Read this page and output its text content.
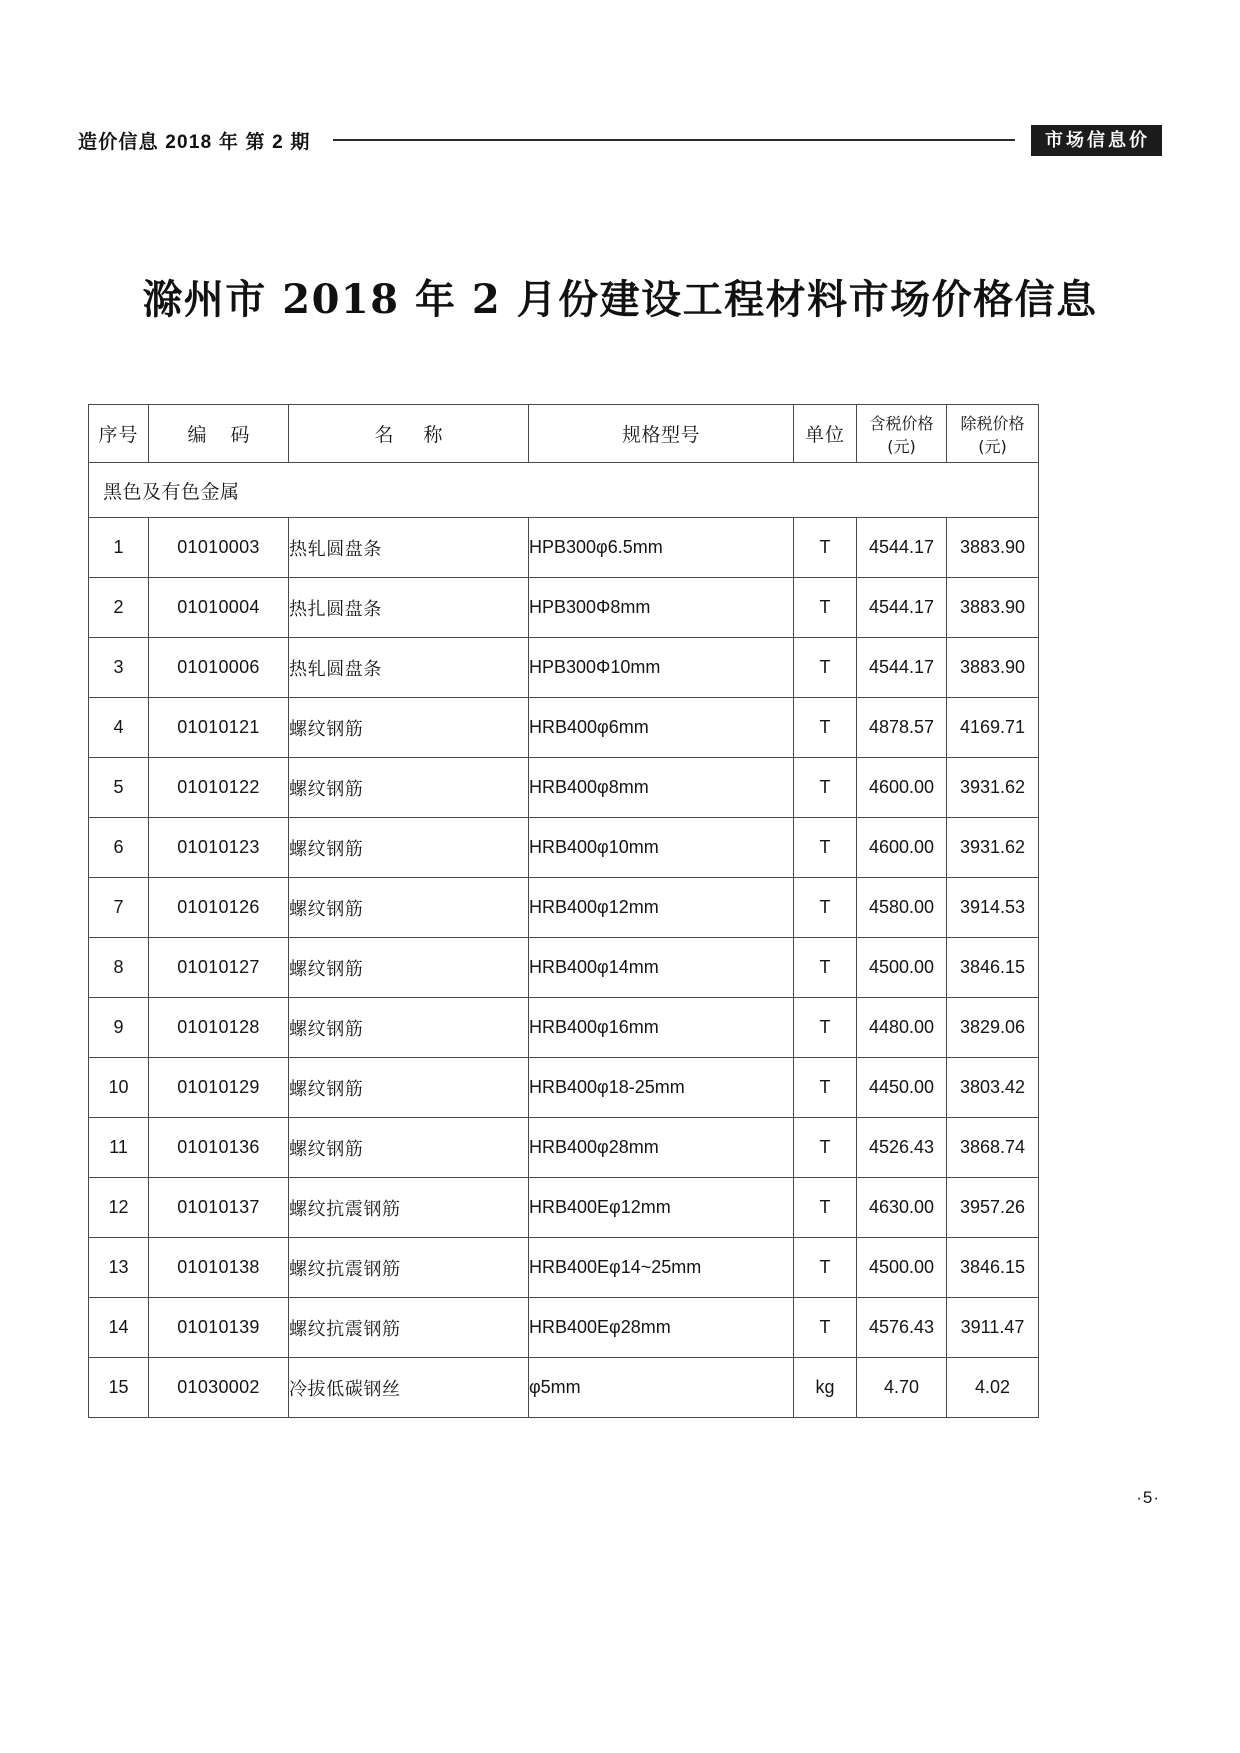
造价信息 2018 年 第 2 期	市场信息价
滁州市 2018 年 2 月份建设工程材料市场价格信息
序号	编 码	名 称	规格型号	单位	含税价格(元)	除税价格(元)
黑色及有色金属						
1	01010003	热轧圆盘条	HPB300φ6.5mm	T	4544.17	3883.90
2	01010004	热扎圆盘条	HPB300Φ8mm	T	4544.17	3883.90
3	01010006	热轧圆盘条	HPB300Φ10mm	T	4544.17	3883.90
4	01010121	螺纹钢筋	HRB400φ6mm	T	4878.57	4169.71
5	01010122	螺纹钢筋	HRB400φ8mm	T	4600.00	3931.62
6	01010123	螺纹钢筋	HRB400φ10mm	T	4600.00	3931.62
7	01010126	螺纹钢筋	HRB400φ12mm	T	4580.00	3914.53
8	01010127	螺纹钢筋	HRB400φ14mm	T	4500.00	3846.15
9	01010128	螺纹钢筋	HRB400φ16mm	T	4480.00	3829.06
10	01010129	螺纹钢筋	HRB400φ18-25mm	T	4450.00	3803.42
11	01010136	螺纹钢筋	HRB400φ28mm	T	4526.43	3868.74
12	01010137	螺纹抗震钢筋	HRB400Eφ12mm	T	4630.00	3957.26
13	01010138	螺纹抗震钢筋	HRB400Eφ14~25mm	T	4500.00	3846.15
14	01010139	螺纹抗震钢筋	HRB400Eφ28mm	T	4576.43	3911.47
15	01030002	冷拔低碳钢丝	φ5mm	kg	4.70	4.02
·5·
